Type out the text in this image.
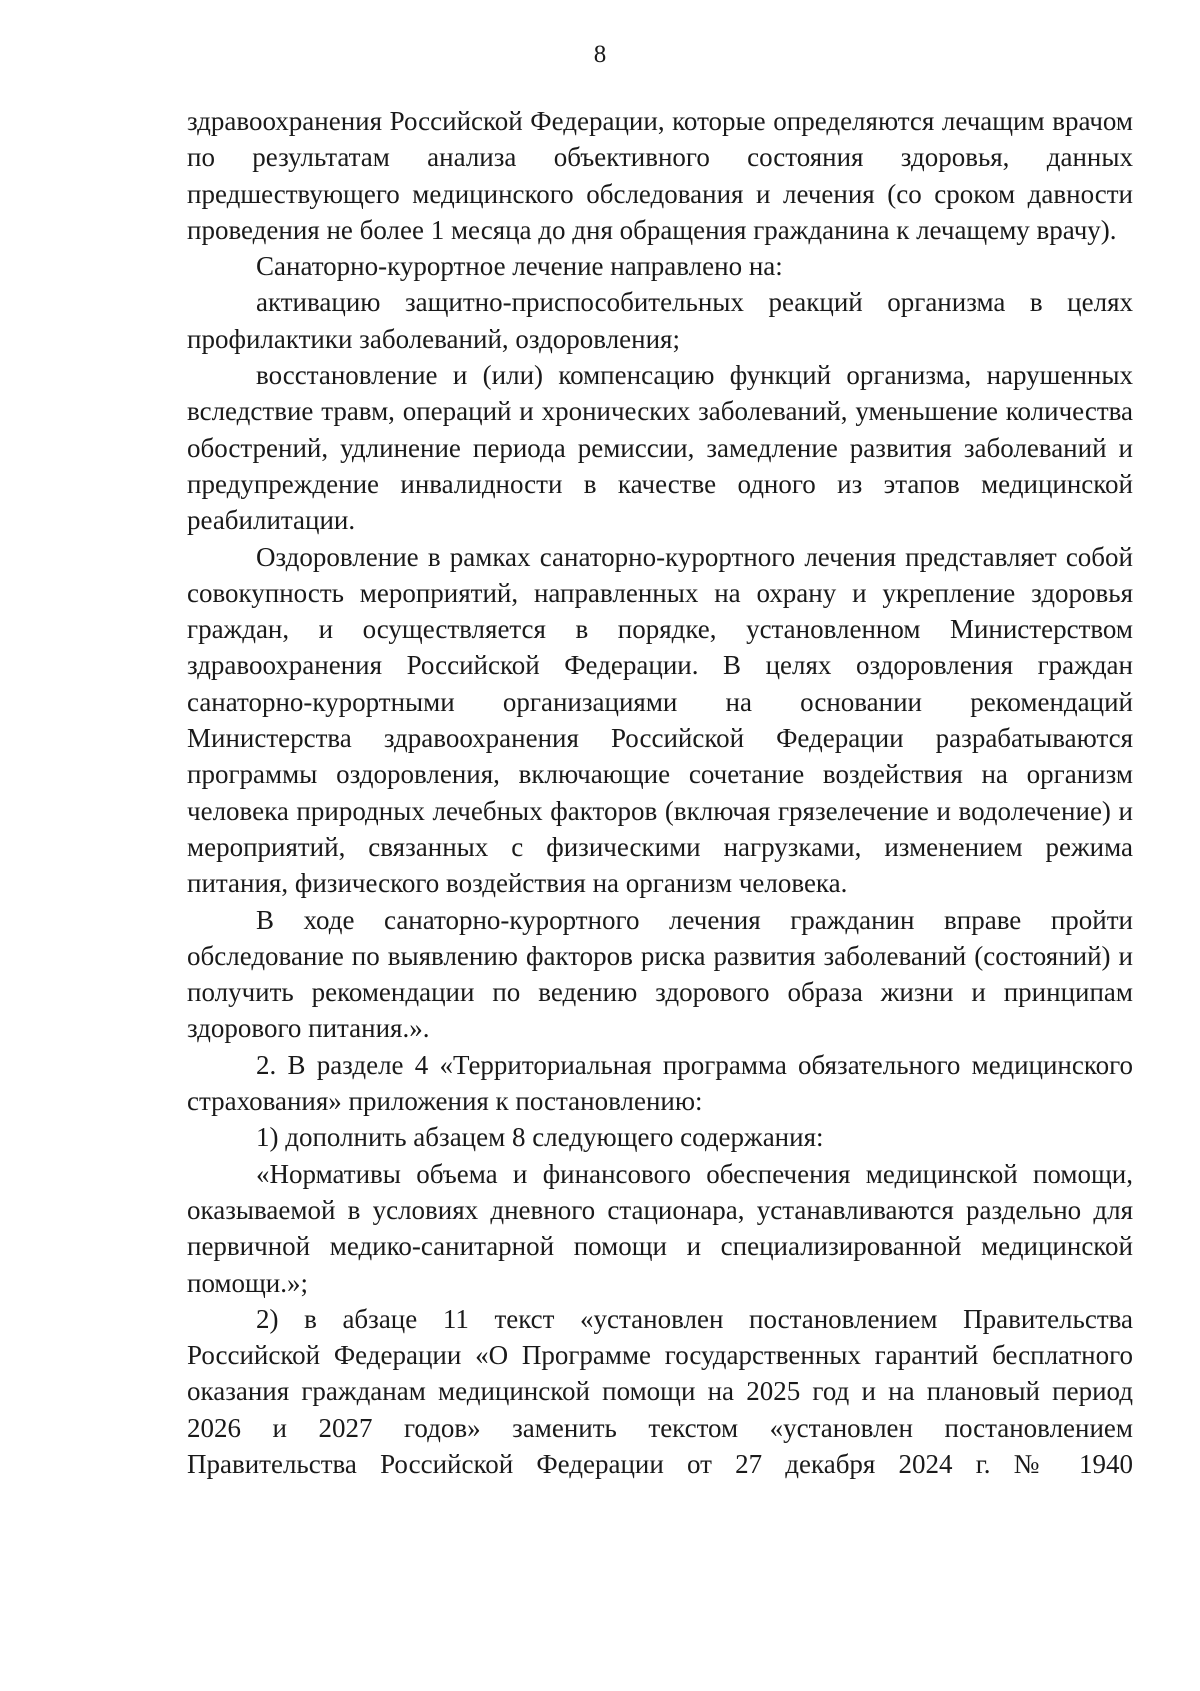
8

здравоохранения Российской Федерации, которые определяются лечащим врачом по результатам анализа объективного состояния здоровья, данных предшествующего медицинского обследования и лечения (со сроком давности проведения не более 1 месяца до дня обращения гражданина к лечащему врачу).

Санаторно-курортное лечение направлено на:

активацию защитно-приспособительных реакций организма в целях профилактики заболеваний, оздоровления;

восстановление и (или) компенсацию функций организма, нарушенных вследствие травм, операций и хронических заболеваний, уменьшение количества обострений, удлинение периода ремиссии, замедление развития заболеваний и предупреждение инвалидности в качестве одного из этапов медицинской реабилитации.

Оздоровление в рамках санаторно-курортного лечения представляет собой совокупность мероприятий, направленных на охрану и укрепление здоровья граждан, и осуществляется в порядке, установленном Министерством здравоохранения Российской Федерации. В целях оздоровления граждан санаторно-курортными организациями на основании рекомендаций Министерства здравоохранения Российской Федерации разрабатываются программы оздоровления, включающие сочетание воздействия на организм человека природных лечебных факторов (включая грязелечение и водолечение) и мероприятий, связанных с физическими нагрузками, изменением режима питания, физического воздействия на организм человека.

В ходе санаторно-курортного лечения гражданин вправе пройти обследование по выявлению факторов риска развития заболеваний (состояний) и получить рекомендации по ведению здорового образа жизни и принципам здорового питания.».

2. В разделе 4 «Территориальная программа обязательного медицинского страхования» приложения к постановлению:

1) дополнить абзацем 8 следующего содержания:

«Нормативы объема и финансового обеспечения медицинской помощи, оказываемой в условиях дневного стационара, устанавливаются раздельно для первичной медико-санитарной помощи и специализированной медицинской помощи.»;

2) в абзаце 11 текст «установлен постановлением Правительства Российской Федерации «О Программе государственных гарантий бесплатного оказания гражданам медицинской помощи на 2025 год и на плановый период 2026 и 2027 годов» заменить текстом «установлен постановлением Правительства Российской Федерации от 27 декабря 2024 г. № 1940
